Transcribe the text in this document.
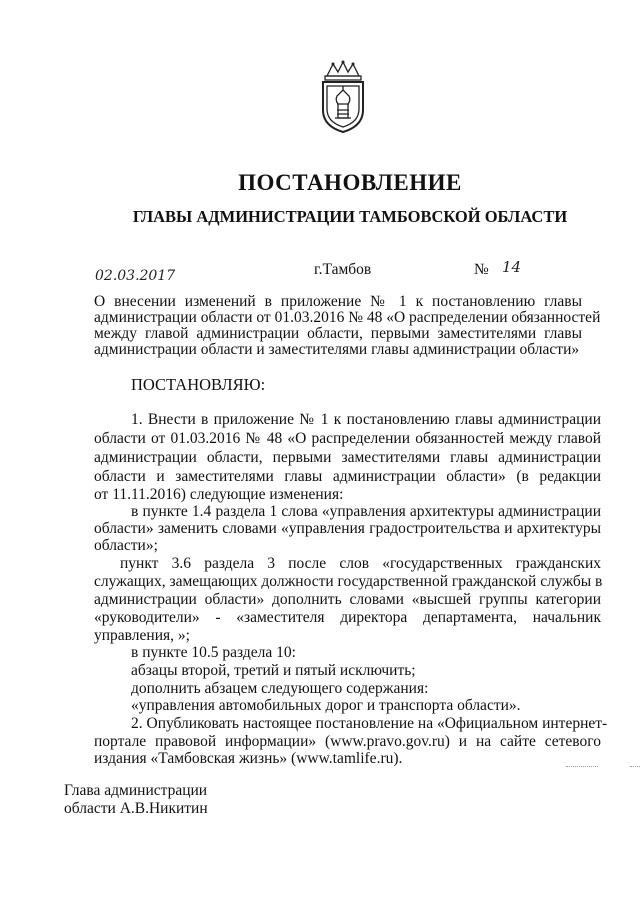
ПОСТАНОВЛЕНИЕ
ГЛАВЫ АДМИНИСТРАЦИИ ТАМБОВСКОЙ ОБЛАСТИ
02.03.2017	г.Тамбов	№ 14
О внесении изменений в приложение № 1 к постановлению главы
администрации области от 01.03.2016 № 48 «О распределении обязанностей
между главой администрации области, первыми заместителями главы
администрации области и заместителями главы администрации области»
ПОСТАНОВЛЯЮ:
1. Внести в приложение № 1 к постановлению главы администрации
области от 01.03.2016 № 48 «О распределении обязанностей между главой
администрации области, первыми заместителями главы администрации
области и заместителями главы администрации области» (в редакции
от 11.11.2016) следующие изменения:
в пункте 1.4 раздела 1 слова «управления архитектуры администрации
области» заменить словами «управления градостроительства и архитектуры
области»;
пункт 3.6 раздела 3 после слов «государственных гражданских
служащих, замещающих должности государственной гражданской службы в
администрации области» дополнить словами «высшей группы категории
«руководители» - «заместителя директора департамента, начальник
управления, »;
в пункте 10.5 раздела 10:
абзацы второй, третий и пятый исключить;
дополнить абзацем следующего содержания:
«управления автомобильных дорог и транспорта области».
2. Опубликовать настоящее постановление на «Официальном интернет-
портале правовой информации» (www.pravo.gov.ru) и на сайте сетевого
издания «Тамбовская жизнь» (www.tamlife.ru).
Глава администрации
области А.В.Никитин
